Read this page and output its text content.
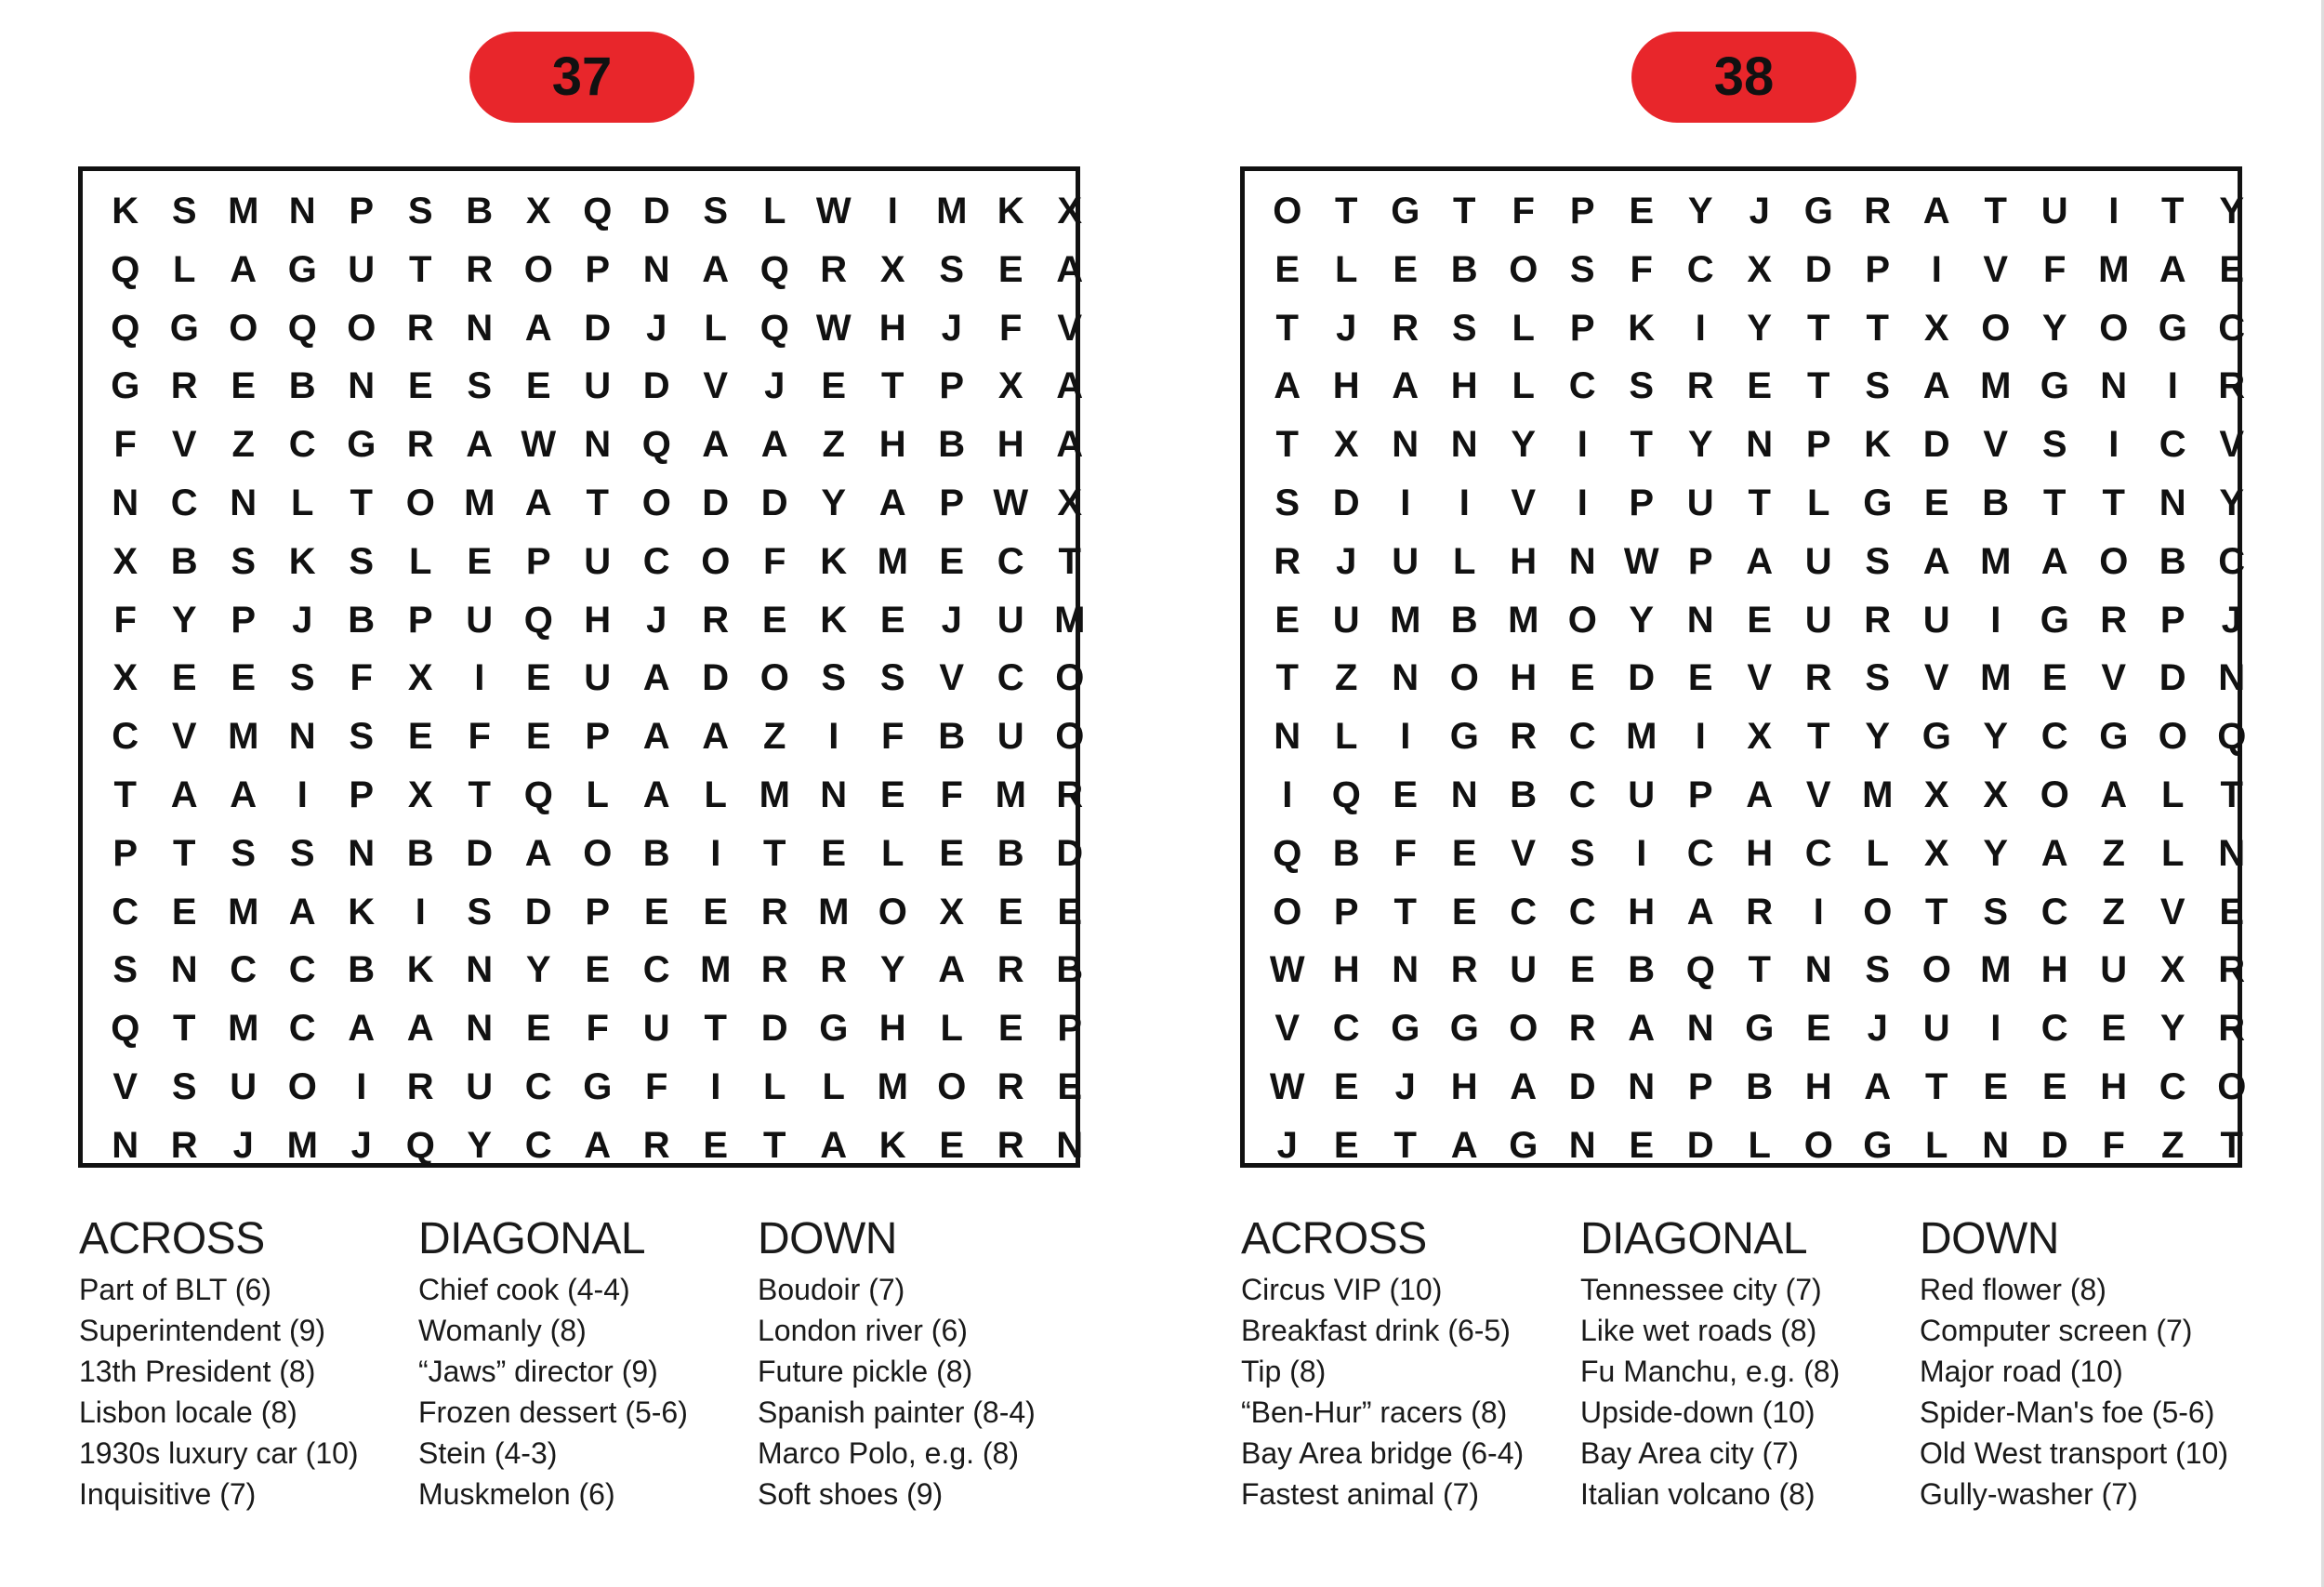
37
K S M N P S B X Q D S L W I	M K X
Q L A G U T R O P N A Q R X S E A
Q G O Q O R N A D J	L Q W H J	F V
G R E B N E S E U D V J E T P X A
F V Z C G R A W N Q A A Z H B H A
N C N L T O M A T O D D Y A P W X
X B S K S L E P U C O F K M E C T
F Y P J B P U Q H J R E K E J U M
X E E S F X	I	E U A D O S S V C O
C V M N S E F E P A A Z	I	F B U O
T A A	I	P X T Q L A L M N E F M R
P T S S N B D A O B	I	T E L E B D
C E M A K	I	S D P E E R M O X E E
S N C C B K N Y E C M R R Y A R B
Q T M C A A N E F U T D G H L E P
V S U O	I	R U C G F	I	L L M O R E
N R J M J Q Y C A R E T A K E R N
ACROSS
Part of BLT (6)
Superintendent (9)
13th President (8)
Lisbon locale (8)
1930s luxury car (10)
Inquisitive (7)
DIAGONAL
Chief cook (4-4)
Womanly (8)
“Jaws” director (9)
Frozen dessert (5-6)
Stein (4-3)
Muskmelon (6)
DOWN
Boudoir (7)
London river (6)
Future pickle (8)
Spanish painter (8-4)
Marco Polo, e.g. (8)
Soft shoes (9)
38
O T G T F P E Y J G R A T U	I	T Y
E L E B O S F C X D P	I	V F M A E
T	J R S L P K	I	Y T T X O Y O G C
A H A H L C S R E T S A M G N	I	R
T X N N Y	I	T Y N P K D V S	I	C V
S D	I	I	V	I	P U T L G E B T T N Y
R J U L H N W P A U S A M A O B C
E U M B M O Y N E U R U	I	G R P J
T Z N O H E D E V R S V M E V D N
N L	I	G R C M	I	X T Y G Y C G O Q
I	Q E N B C U P A V M X X O A L T
Q B F E V S	I	C H C L X Y A Z L N
O P T E C C H A R	I	O T S C Z V E
W H N R U E B Q T N S O M H U X R
V C G G O R A N G E J U	I	C E Y R
W E J H A D N P B H A T E E H C O
J E T A G N E D L O G L N D F Z T
ACROSS
Circus VIP (10)
Breakfast drink (6-5)
Tip (8)
“Ben-Hur” racers (8)
Bay Area bridge (6-4)
Fastest animal (7)
DIAGONAL
Tennessee city (7)
Like wet roads (8)
Fu Manchu, e.g. (8)
Upside-down (10)
Bay Area city (7)
Italian volcano (8)
DOWN
Red flower (8)
Computer screen (7)
Major road (10)
Spider-Man's foe (5-6)
Old West transport (10)
Gully-washer (7)
